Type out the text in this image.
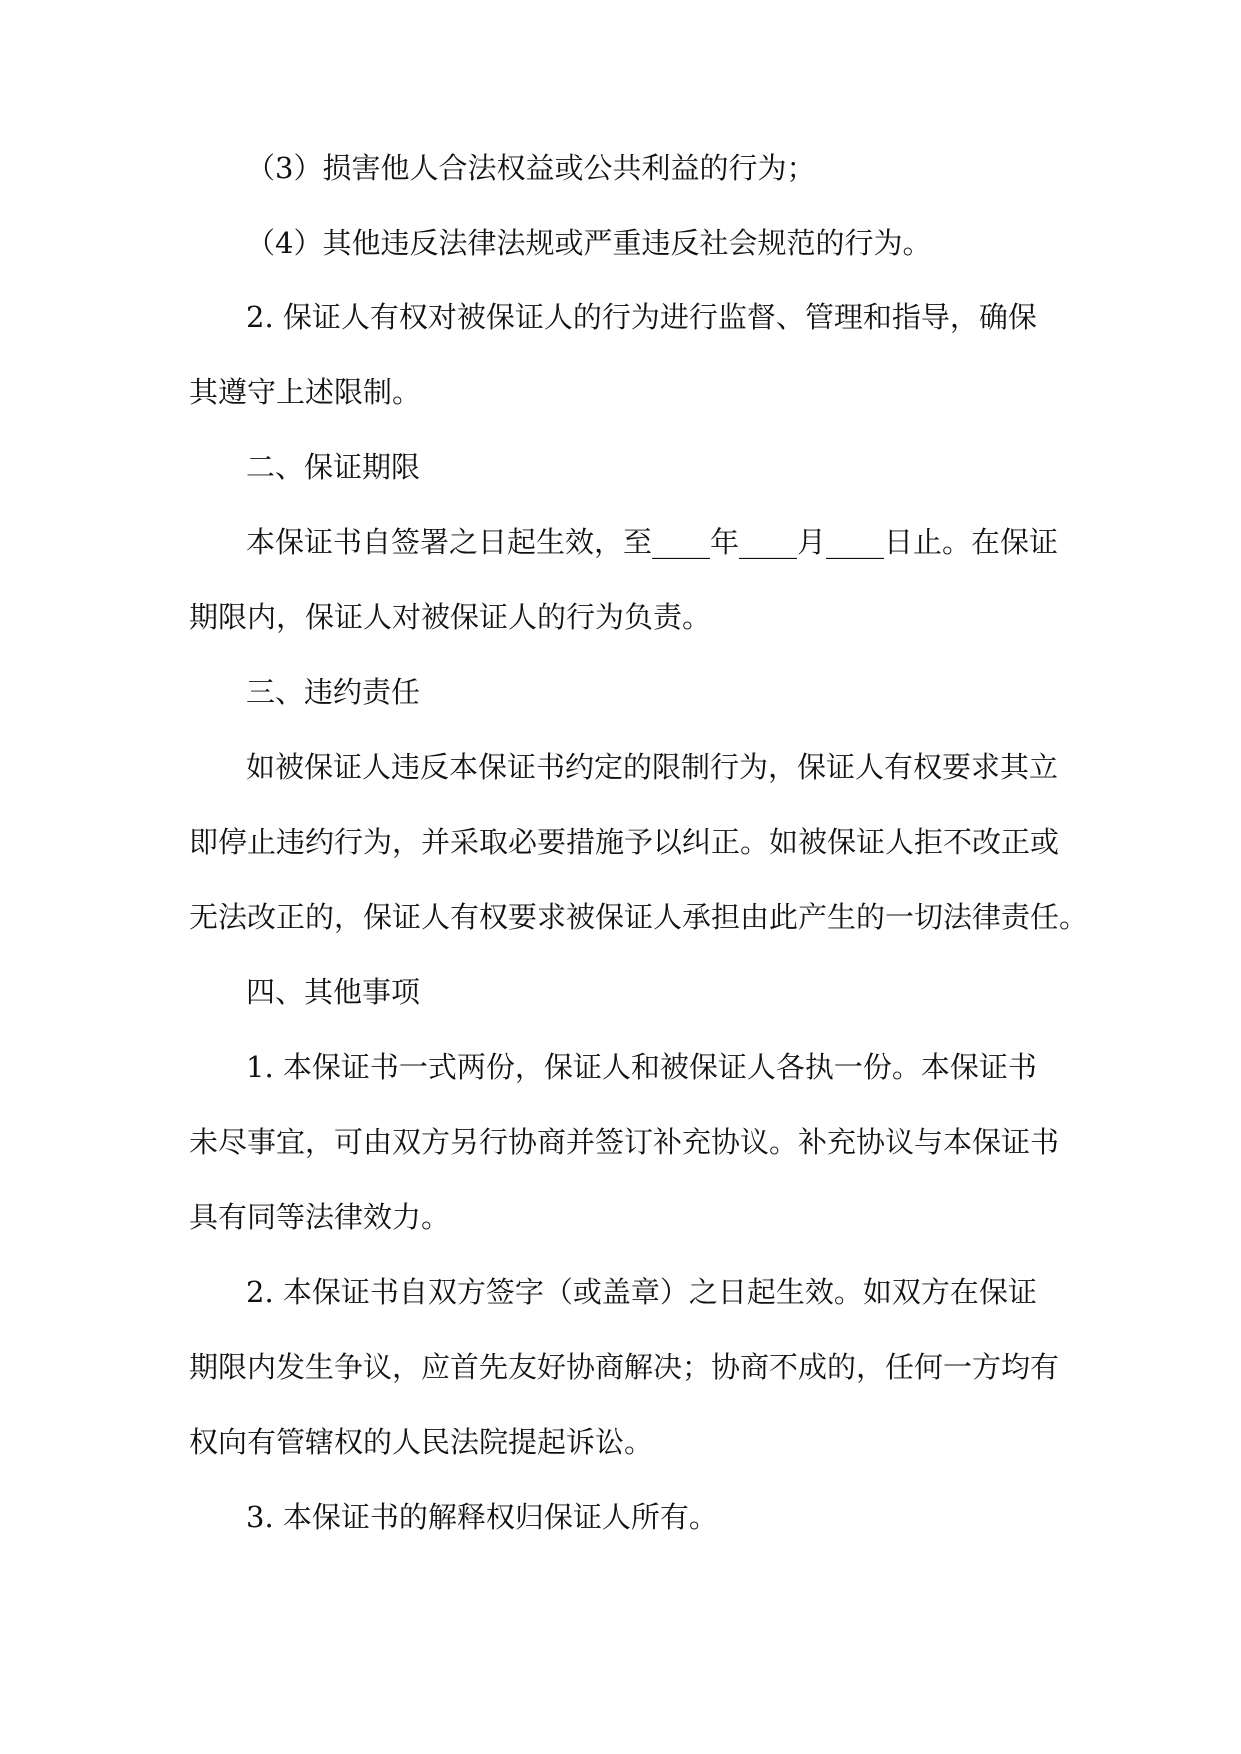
（3）损害他人合法权益或公共利益的行为；

（4）其他违反法律法规或严重违反社会规范的行为。

2. 保证人有权对被保证人的行为进行监督、管理和指导，确保

其遵守上述限制。

二、保证期限

本保证书自签署之日起生效，至____年____月____日止。在保证

期限内，保证人对被保证人的行为负责。

三、违约责任

如被保证人违反本保证书约定的限制行为，保证人有权要求其立

即停止违约行为，并采取必要措施予以纠正。如被保证人拒不改正或

无法改正的，保证人有权要求被保证人承担由此产生的一切法律责任。

四、其他事项

1. 本保证书一式两份，保证人和被保证人各执一份。本保证书

未尽事宜，可由双方另行协商并签订补充协议。补充协议与本保证书

具有同等法律效力。

2. 本保证书自双方签字（或盖章）之日起生效。如双方在保证

期限内发生争议，应首先友好协商解决；协商不成的，任何一方均有

权向有管辖权的人民法院提起诉讼。

3. 本保证书的解释权归保证人所有。
